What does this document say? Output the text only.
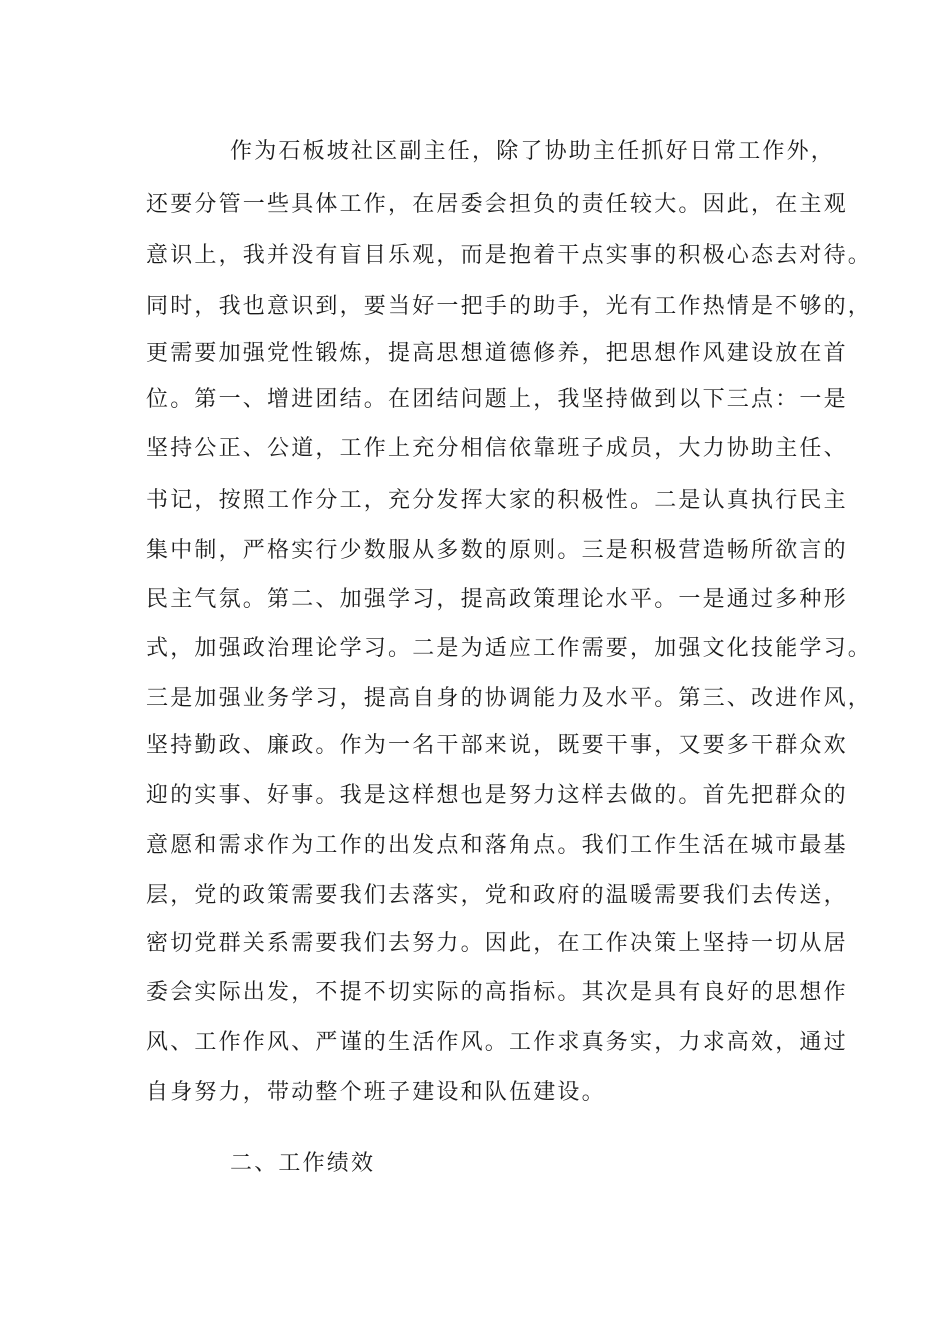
作为石板坡社区副主任，除了协助主任抓好日常工作外，
还要分管一些具体工作，在居委会担负的责任较大。因此，在主观
意识上，我并没有盲目乐观，而是抱着干点实事的积极心态去对待。
同时，我也意识到，要当好一把手的助手，光有工作热情是不够的，
更需要加强党性锻炼，提高思想道德修养，把思想作风建设放在首
位。第一、增进团结。在团结问题上，我坚持做到以下三点：一是
坚持公正、公道，工作上充分相信依靠班子成员，大力协助主任、
书记，按照工作分工，充分发挥大家的积极性。二是认真执行民主
集中制，严格实行少数服从多数的原则。三是积极营造畅所欲言的
民主气氛。第二、加强学习，提高政策理论水平。一是通过多种形
式，加强政治理论学习。二是为适应工作需要，加强文化技能学习。
三是加强业务学习，提高自身的协调能力及水平。第三、改进作风，
坚持勤政、廉政。作为一名干部来说，既要干事，又要多干群众欢
迎的实事、好事。我是这样想也是努力这样去做的。首先把群众的
意愿和需求作为工作的出发点和落角点。我们工作生活在城市最基
层，党的政策需要我们去落实，党和政府的温暖需要我们去传送，
密切党群关系需要我们去努力。因此，在工作决策上坚持一切从居
委会实际出发，不提不切实际的高指标。其次是具有良好的思想作
风、工作作风、严谨的生活作风。工作求真务实，力求高效，通过
自身努力，带动整个班子建设和队伍建设。
二、工作绩效
